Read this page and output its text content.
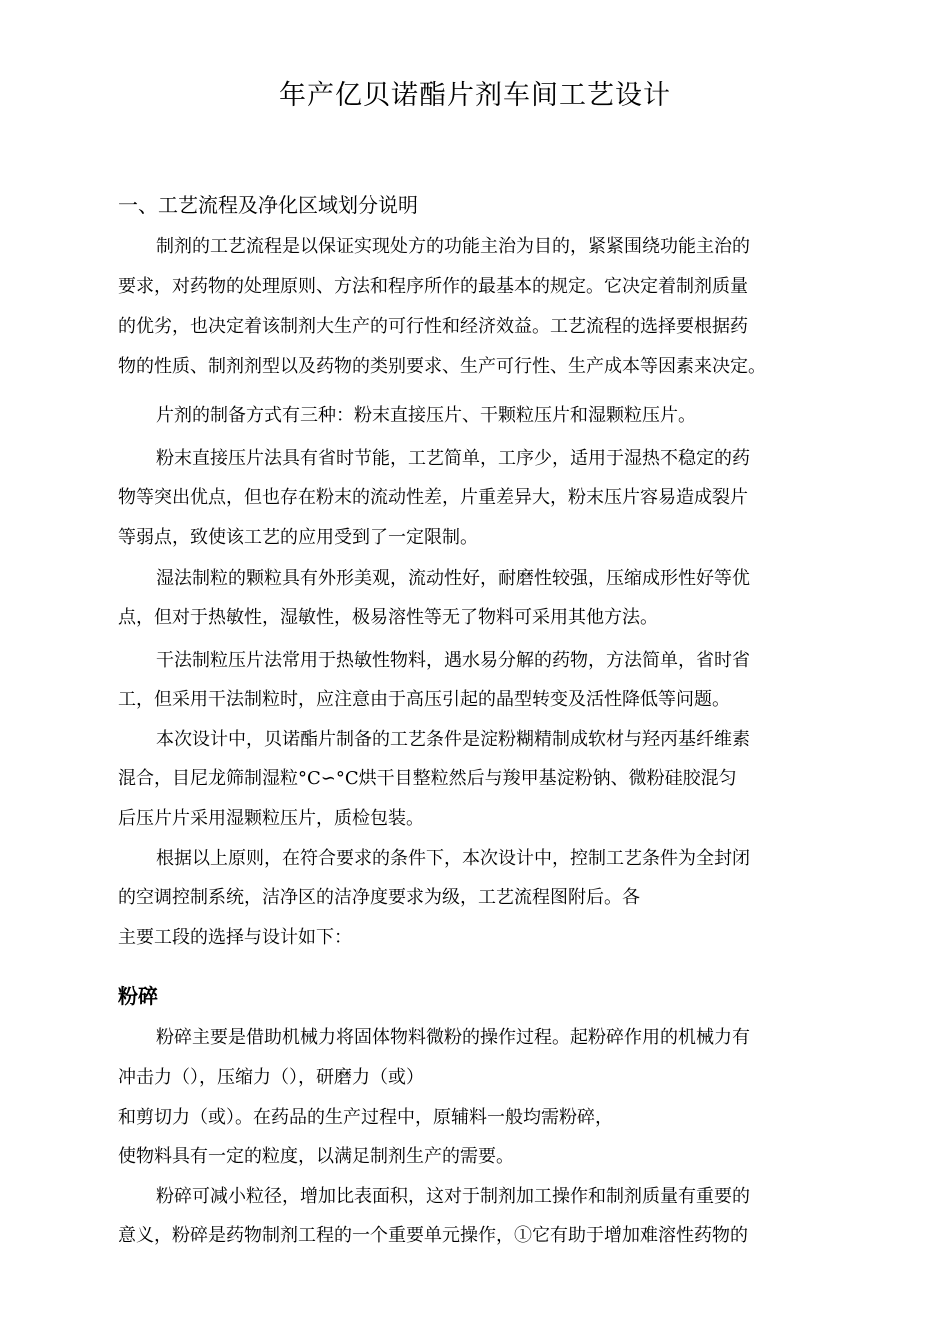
年产亿贝诺酯片剂车间工艺设计
一、工艺流程及净化区域划分说明
制剂的工艺流程是以保证实现处方的功能主治为目的，紧紧围绕功能主治的
要求，对药物的处理原则、方法和程序所作的最基本的规定。它决定着制剂质量
的优劣，也决定着该制剂大生产的可行性和经济效益。工艺流程的选择要根据药
物的性质、制剂剂型以及药物的类别要求、生产可行性、生产成本等因素来决定。
片剂的制备方式有三种：粉末直接压片、干颗粒压片和湿颗粒压片。
粉末直接压片法具有省时节能，工艺简单，工序少，适用于湿热不稳定的药
物等突出优点，但也存在粉末的流动性差，片重差异大，粉末压片容易造成裂片
等弱点，致使该工艺的应用受到了一定限制。
湿法制粒的颗粒具有外形美观，流动性好，耐磨性较强，压缩成形性好等优
点，但对于热敏性，湿敏性，极易溶性等无了物料可采用其他方法。
干法制粒压片法常用于热敏性物料，遇水易分解的药物，方法简单，省时省
工，但采用干法制粒时，应注意由于高压引起的晶型转变及活性降低等问题。
本次设计中，贝诺酯片制备的工艺条件是淀粉糊精制成软材与羟丙基纤维素
混合，目尼龙筛制湿粒°C∽°C烘干目整粒然后与羧甲基淀粉钠、微粉硅胶混匀
后压片片采用湿颗粒压片，质检包装。
根据以上原则，在符合要求的条件下，本次设计中，控制工艺条件为全封闭
的空调控制系统，洁净区的洁净度要求为级，工艺流程图附后。各
主要工段的选择与设计如下：
粉碎
粉碎主要是借助机械力将固体物料微粉的操作过程。起粉碎作用的机械力有
冲击力（），压缩力（），研磨力（或）
和剪切力（或）。在药品的生产过程中，原辅料一般均需粉碎，
使物料具有一定的粒度，以满足制剂生产的需要。
粉碎可减小粒径，增加比表面积，这对于制剂加工操作和制剂质量有重要的
意义，粉碎是药物制剂工程的一个重要单元操作，①它有助于增加难溶性药物的
